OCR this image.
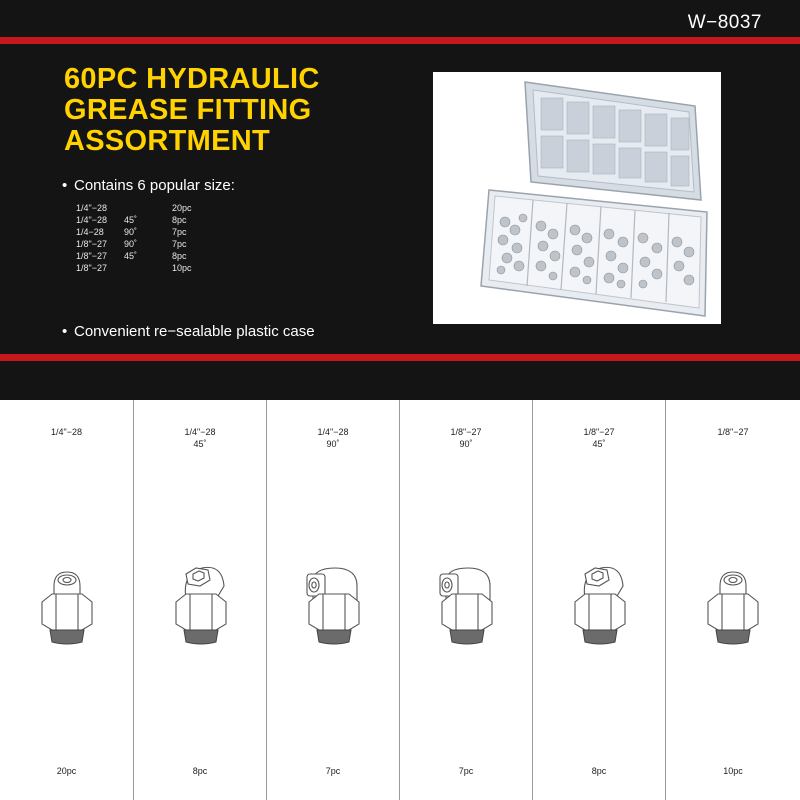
W−8037
60PC HYDRAULIC
GREASE FITTING
ASSORTMENT
• Contains 6 popular size:
1/4"−28		20pc
1/4"−28	45˚	8pc
1/4−28	90˚	7pc
1/8"−27	90˚	7pc
1/8"−27	45˚	8pc
1/8"−27		10pc
• Convenient re−sealable plastic case
1/4"−28
20pc
1/4"−28
45˚
8pc
1/4"−28
90˚
7pc
1/8"−27
90˚
7pc
1/8"−27
45˚
8pc
1/8"−27
10pc
